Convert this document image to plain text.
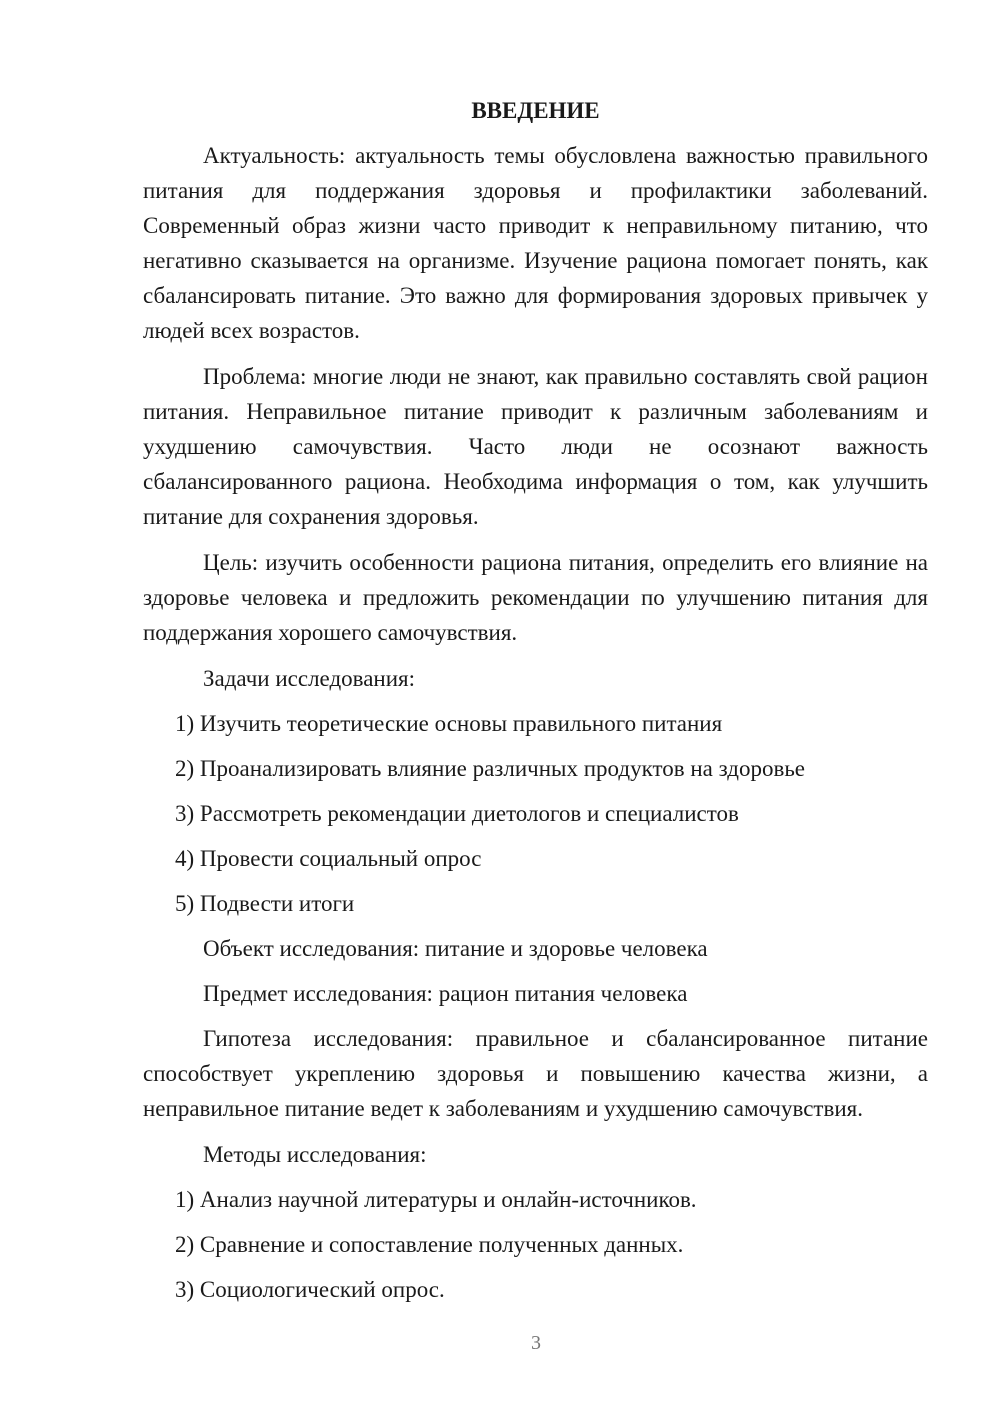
ВВЕДЕНИЕ

Актуальность: актуальность темы обусловлена важностью правильного питания для поддержания здоровья и профилактики заболеваний. Современный образ жизни часто приводит к неправильному питанию, что негативно сказывается на организме. Изучение рациона помогает понять, как сбалансировать питание. Это важно для формирования здоровых привычек у людей всех возрастов.

Проблема: многие люди не знают, как правильно составлять свой рацион питания. Неправильное питание приводит к различным заболеваниям и ухудшению самочувствия. Часто люди не осознают важность сбалансированного рациона. Необходима информация о том, как улучшить питание для сохранения здоровья.

Цель: изучить особенности рациона питания, определить его влияние на здоровье человека и предложить рекомендации по улучшению питания для поддержания хорошего самочувствия.

Задачи исследования:
1) Изучить теоретические основы правильного питания
2) Проанализировать влияние различных продуктов на здоровье
3) Рассмотреть рекомендации диетологов и специалистов
4) Провести социальный опрос
5) Подвести итоги
Объект исследования: питание и здоровье человека
Предмет исследования: рацион питания человека

Гипотеза исследования: правильное и сбалансированное питание способствует укреплению здоровья и повышению качества жизни, а неправильное питание ведет к заболеваниям и ухудшению самочувствия.

Методы исследования:
1) Анализ научной литературы и онлайн-источников.
2) Сравнение и сопоставление полученных данных.
3) Социологический опрос.
3
